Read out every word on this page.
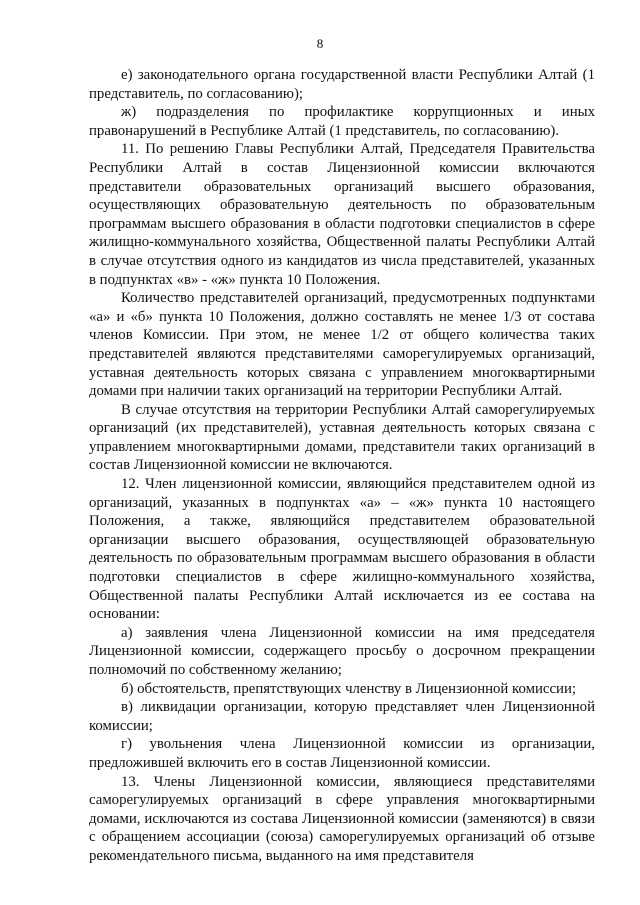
8

е) законодательного органа государственной власти Республики Алтай (1 представитель, по согласованию);

ж) подразделения по профилактике коррупционных и иных правонарушений в Республике Алтай (1 представитель, по согласованию).

11. По решению Главы Республики Алтай, Председателя Правительства Республики Алтай в состав Лицензионной комиссии включаются представители образовательных организаций высшего образования, осуществляющих образовательную деятельность по образовательным программам высшего образования в области подготовки специалистов в сфере жилищно-коммунального хозяйства, Общественной палаты Республики Алтай в случае отсутствия одного из кандидатов из числа представителей, указанных в подпунктах «в» - «ж» пункта 10 Положения.

Количество представителей организаций, предусмотренных подпунктами «а» и «б» пункта 10 Положения, должно составлять не менее 1/3 от состава членов Комиссии. При этом, не менее 1/2 от общего количества таких представителей являются представителями саморегулируемых организаций, уставная деятельность которых связана с управлением многоквартирными домами при наличии таких организаций на территории Республики Алтай.

В случае отсутствия на территории Республики Алтай саморегулируемых организаций (их представителей), уставная деятельность которых связана с управлением многоквартирными домами, представители таких организаций в состав Лицензионной комиссии не включаются.

12. Член лицензионной комиссии, являющийся представителем одной из организаций, указанных в подпунктах «а» – «ж» пункта 10 настоящего Положения, а также, являющийся представителем образовательной организации высшего образования, осуществляющей образовательную деятельность по образовательным программам высшего образования в области подготовки специалистов в сфере жилищно-коммунального хозяйства, Общественной палаты Республики Алтай исключается из ее состава на основании:

а) заявления члена Лицензионной комиссии на имя председателя Лицензионной комиссии, содержащего просьбу о досрочном прекращении полномочий по собственному желанию;

б) обстоятельств, препятствующих членству в Лицензионной комиссии;

в) ликвидации организации, которую представляет член Лицензионной комиссии;

г) увольнения члена Лицензионной комиссии из организации, предложившей включить его в состав Лицензионной комиссии.

13. Члены Лицензионной комиссии, являющиеся представителями саморегулируемых организаций в сфере управления многоквартирными домами, исключаются из состава Лицензионной комиссии (заменяются) в связи с обращением ассоциации (союза) саморегулируемых организаций об отзыве рекомендательного письма, выданного на имя представителя
